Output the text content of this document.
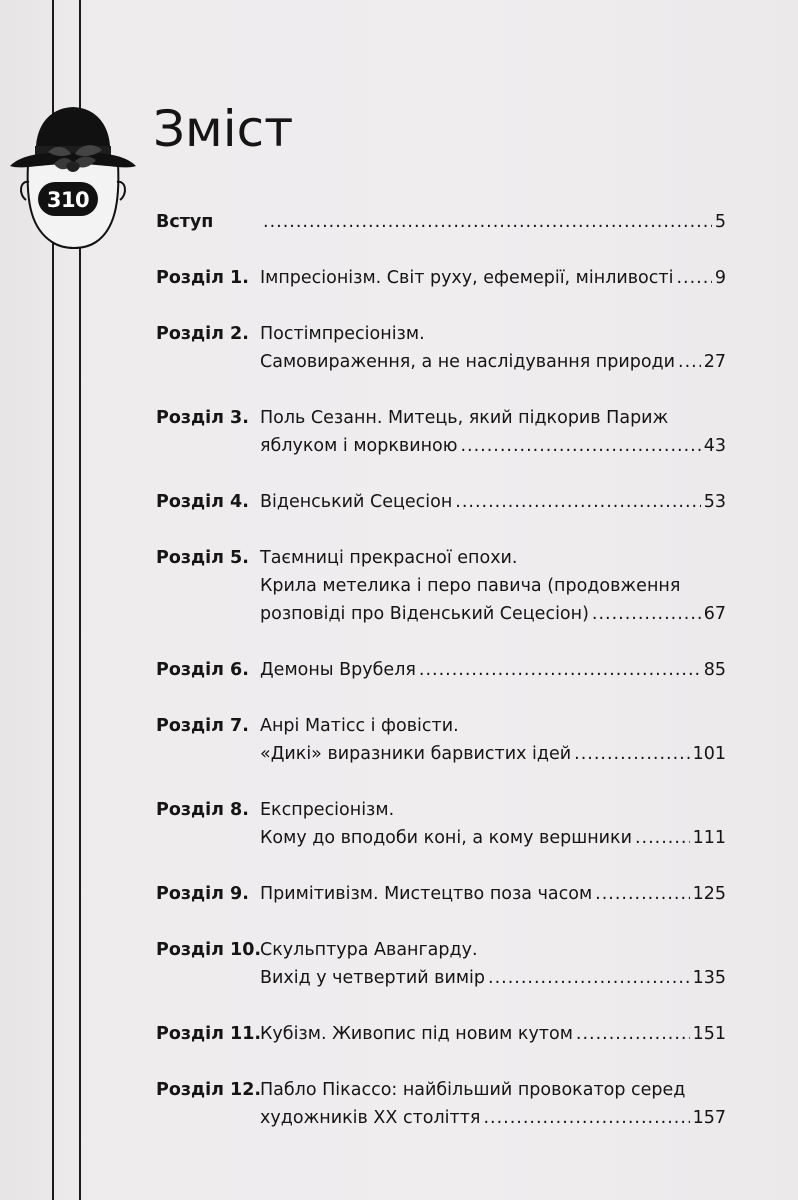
310
Зміст
Вступ .....	5
Розділ 1. Імпресіонізм. Світ руху, ефемерії, мінливості ..... 9
Розділ 2. Постімпресіонізм.
Самовираження, а не наслідування природи ..... 27
Розділ 3. Поль Сезанн. Митець, який підкорив Париж
яблуком і морквиною .....	43
Розділ 4. Віденський Сецесіон .....	53
Розділ 5. Таємниці прекрасної епохи.
Крила метелика і перо павича (продовження
розповіді про Віденський Сецесіон) .....	67
Розділ 6. Демоны Врубеля .....	85
Розділ 7. Анрі Матісс і фовісти.
«Дикі» виразники барвистих ідей .....	101
Розділ 8. Експресіонізм.
Кому до вподоби коні, а кому вершники .....	111
Розділ 9. Примітивізм. Мистецтво поза часом .....	125
Розділ 10.
Скульптура Авангарду.
Вихід у четвертий вимір .....	135
Розділ 11.
Кубізм. Живопис під новим кутом .....	151
Розділ 12.
Пабло Пікассо: найбільший провокатор серед
художників XX століття .....	157
